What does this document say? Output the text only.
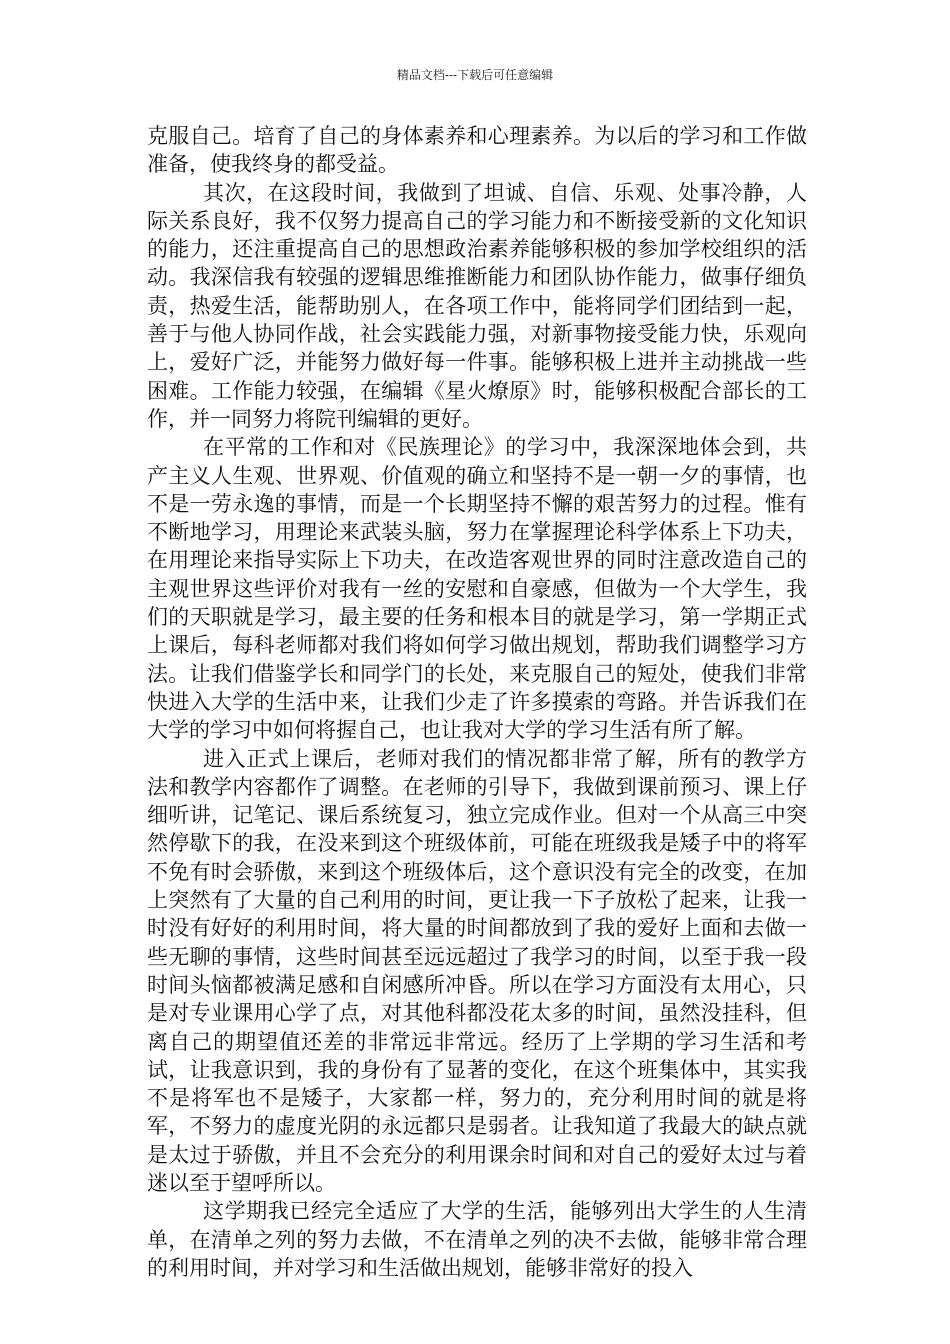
精品文档---下载后可任意编辑

克服自己。培育了自己的身体素养和心理素养。为以后的学习和工作做准备，使我终身的都受益。

其次，在这段时间，我做到了坦诚、自信、乐观、处事冷静，人际关系良好，我不仅努力提高自己的学习能力和不断接受新的文化知识的能力，还注重提高自己的思想政治素养能够积极的参加学校组织的活动。我深信我有较强的逻辑思维推断能力和团队协作能力，做事仔细负责，热爱生活，能帮助别人，在各项工作中，能将同学们团结到一起，善于与他人协同作战，社会实践能力强，对新事物接受能力快，乐观向上，爱好广泛，并能努力做好每一件事。能够积极上进并主动挑战一些困难。工作能力较强，在编辑《星火燎原》时，能够积极配合部长的工作，并一同努力将院刊编辑的更好。

在平常的工作和对《民族理论》的学习中，我深深地体会到，共产主义人生观、世界观、价值观的确立和坚持不是一朝一夕的事情，也不是一劳永逸的事情，而是一个长期坚持不懈的艰苦努力的过程。惟有不断地学习，用理论来武装头脑，努力在掌握理论科学体系上下功夫，在用理论来指导实际上下功夫，在改造客观世界的同时注意改造自己的主观世界这些评价对我有一丝的安慰和自豪感，但做为一个大学生，我们的天职就是学习，最主要的任务和根本目的就是学习，第一学期正式上课后，每科老师都对我们将如何学习做出规划，帮助我们调整学习方法。让我们借鉴学长和同学门的长处，来克服自己的短处，使我们非常快进入大学的生活中来，让我们少走了许多摸索的弯路。并告诉我们在大学的学习中如何将握自己，也让我对大学的学习生活有所了解。

进入正式上课后，老师对我们的情况都非常了解，所有的教学方法和教学内容都作了调整。在老师的引导下，我做到课前预习、课上仔细听讲，记笔记、课后系统复习，独立完成作业。但对一个从高三中突然停歇下的我，在没来到这个班级体前，可能在班级我是矮子中的将军不免有时会骄傲，来到这个班级体后，这个意识没有完全的改变，在加上突然有了大量的自己利用的时间，更让我一下子放松了起来，让我一时没有好好的利用时间，将大量的时间都放到了我的爱好上面和去做一些无聊的事情，这些时间甚至远远超过了我学习的时间，以至于我一段时间头恼都被满足感和自闲感所冲昏。所以在学习方面没有太用心，只是对专业课用心学了点，对其他科都没花太多的时间，虽然没挂科，但离自己的期望值还差的非常远非常远。经历了上学期的学习生活和考试，让我意识到，我的身份有了显著的变化，在这个班集体中，其实我不是将军也不是矮子，大家都一样，努力的，充分利用时间的就是将军，不努力的虚度光阴的永远都只是弱者。让我知道了我最大的缺点就是太过于骄傲，并且不会充分的利用课余时间和对自己的爱好太过与着迷以至于望呼所以。

这学期我已经完全适应了大学的生活，能够列出大学生的人生清单，在清单之列的努力去做，不在清单之列的决不去做，能够非常合理的利用时间，并对学习和生活做出规划，能够非常好的投入
